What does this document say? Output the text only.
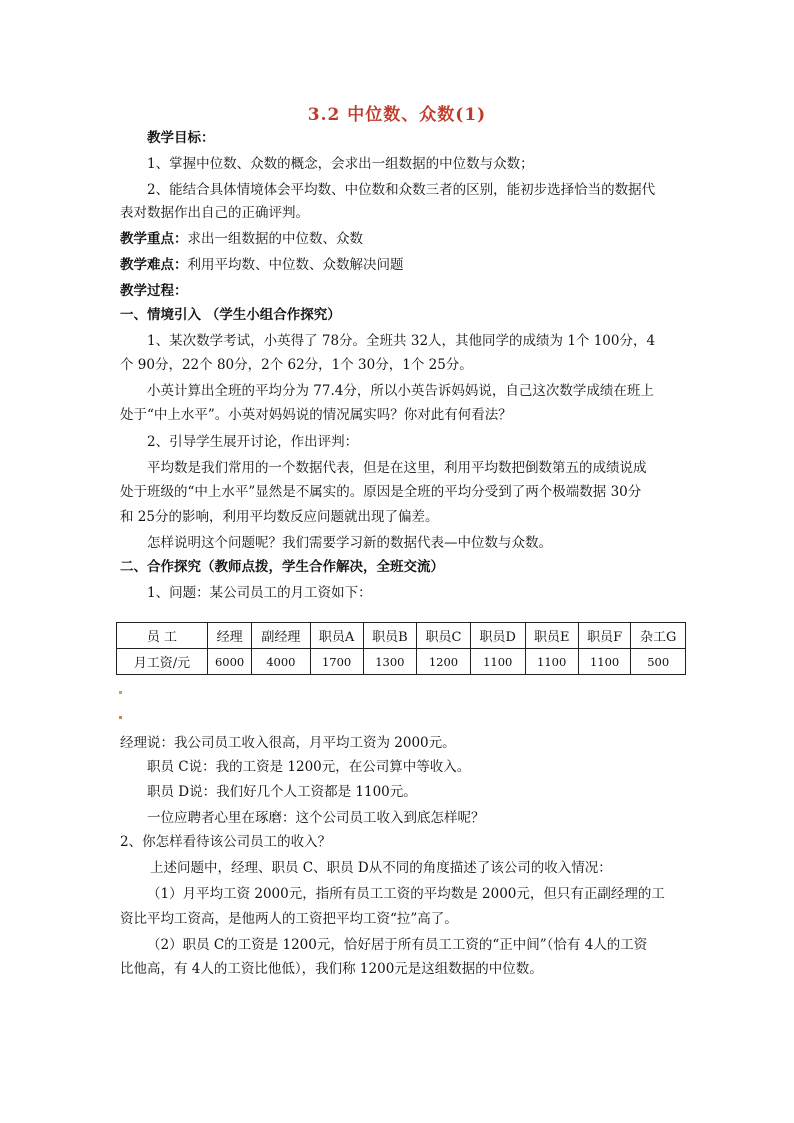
3.2 中位数、众数(1)
教学目标：
1、掌握中位数、众数的概念，会求出一组数据的中位数与众数；
2、能结合具体情境体会平均数、中位数和众数三者的区别，能初步选择恰当的数据代
表对数据作出自己的正确评判。
教学重点：求出一组数据的中位数、众数
教学难点：利用平均数、中位数、众数解决问题
教学过程：
一、情境引入 （学生小组合作探究）
1、某次数学考试，小英得了 78分。全班共 32人，其他同学的成绩为 1个 100分，4
个 90分，22个 80分，2个 62分，1个 30分，1个 25分。
小英计算出全班的平均分为 77.4分，所以小英告诉妈妈说，自己这次数学成绩在班上
处于“中上水平”。小英对妈妈说的情况属实吗？你对此有何看法？
2、引导学生展开讨论，作出评判：
平均数是我们常用的一个数据代表，但是在这里，利用平均数把倒数第五的成绩说成
处于班级的“中上水平”显然是不属实的。原因是全班的平均分受到了两个极端数据 30分
和 25分的影响，利用平均数反应问题就出现了偏差。
怎样说明这个问题呢？我们需要学习新的数据代表—中位数与众数。
二、合作探究（教师点拨，学生合作解决，全班交流）
1、问题：某公司员工的月工资如下：
员 工	经理	副经理	职员A	职员B	职员C	职员D	职员E	职员F	杂工G
月工资/元	6000	4000	1700	1300	1200	1100	1100	1100	500
经理说：我公司员工收入很高，月平均工资为 2000元。
职员 C说：我的工资是 1200元，在公司算中等收入。
职员 D说：我们好几个人工资都是 1100元。
一位应聘者心里在琢磨：这个公司员工收入到底怎样呢？
2、你怎样看待该公司员工的收入？
上述问题中，经理、职员 C、职员 D从不同的角度描述了该公司的收入情况：
（1）月平均工资 2000元，指所有员工工资的平均数是 2000元，但只有正副经理的工
资比平均工资高，是他两人的工资把平均工资“拉”高了。
（2）职员 C的工资是 1200元，恰好居于所有员工工资的“正中间”（恰有 4人的工资
比他高，有 4人的工资比他低），我们称 1200元是这组数据的中位数。
